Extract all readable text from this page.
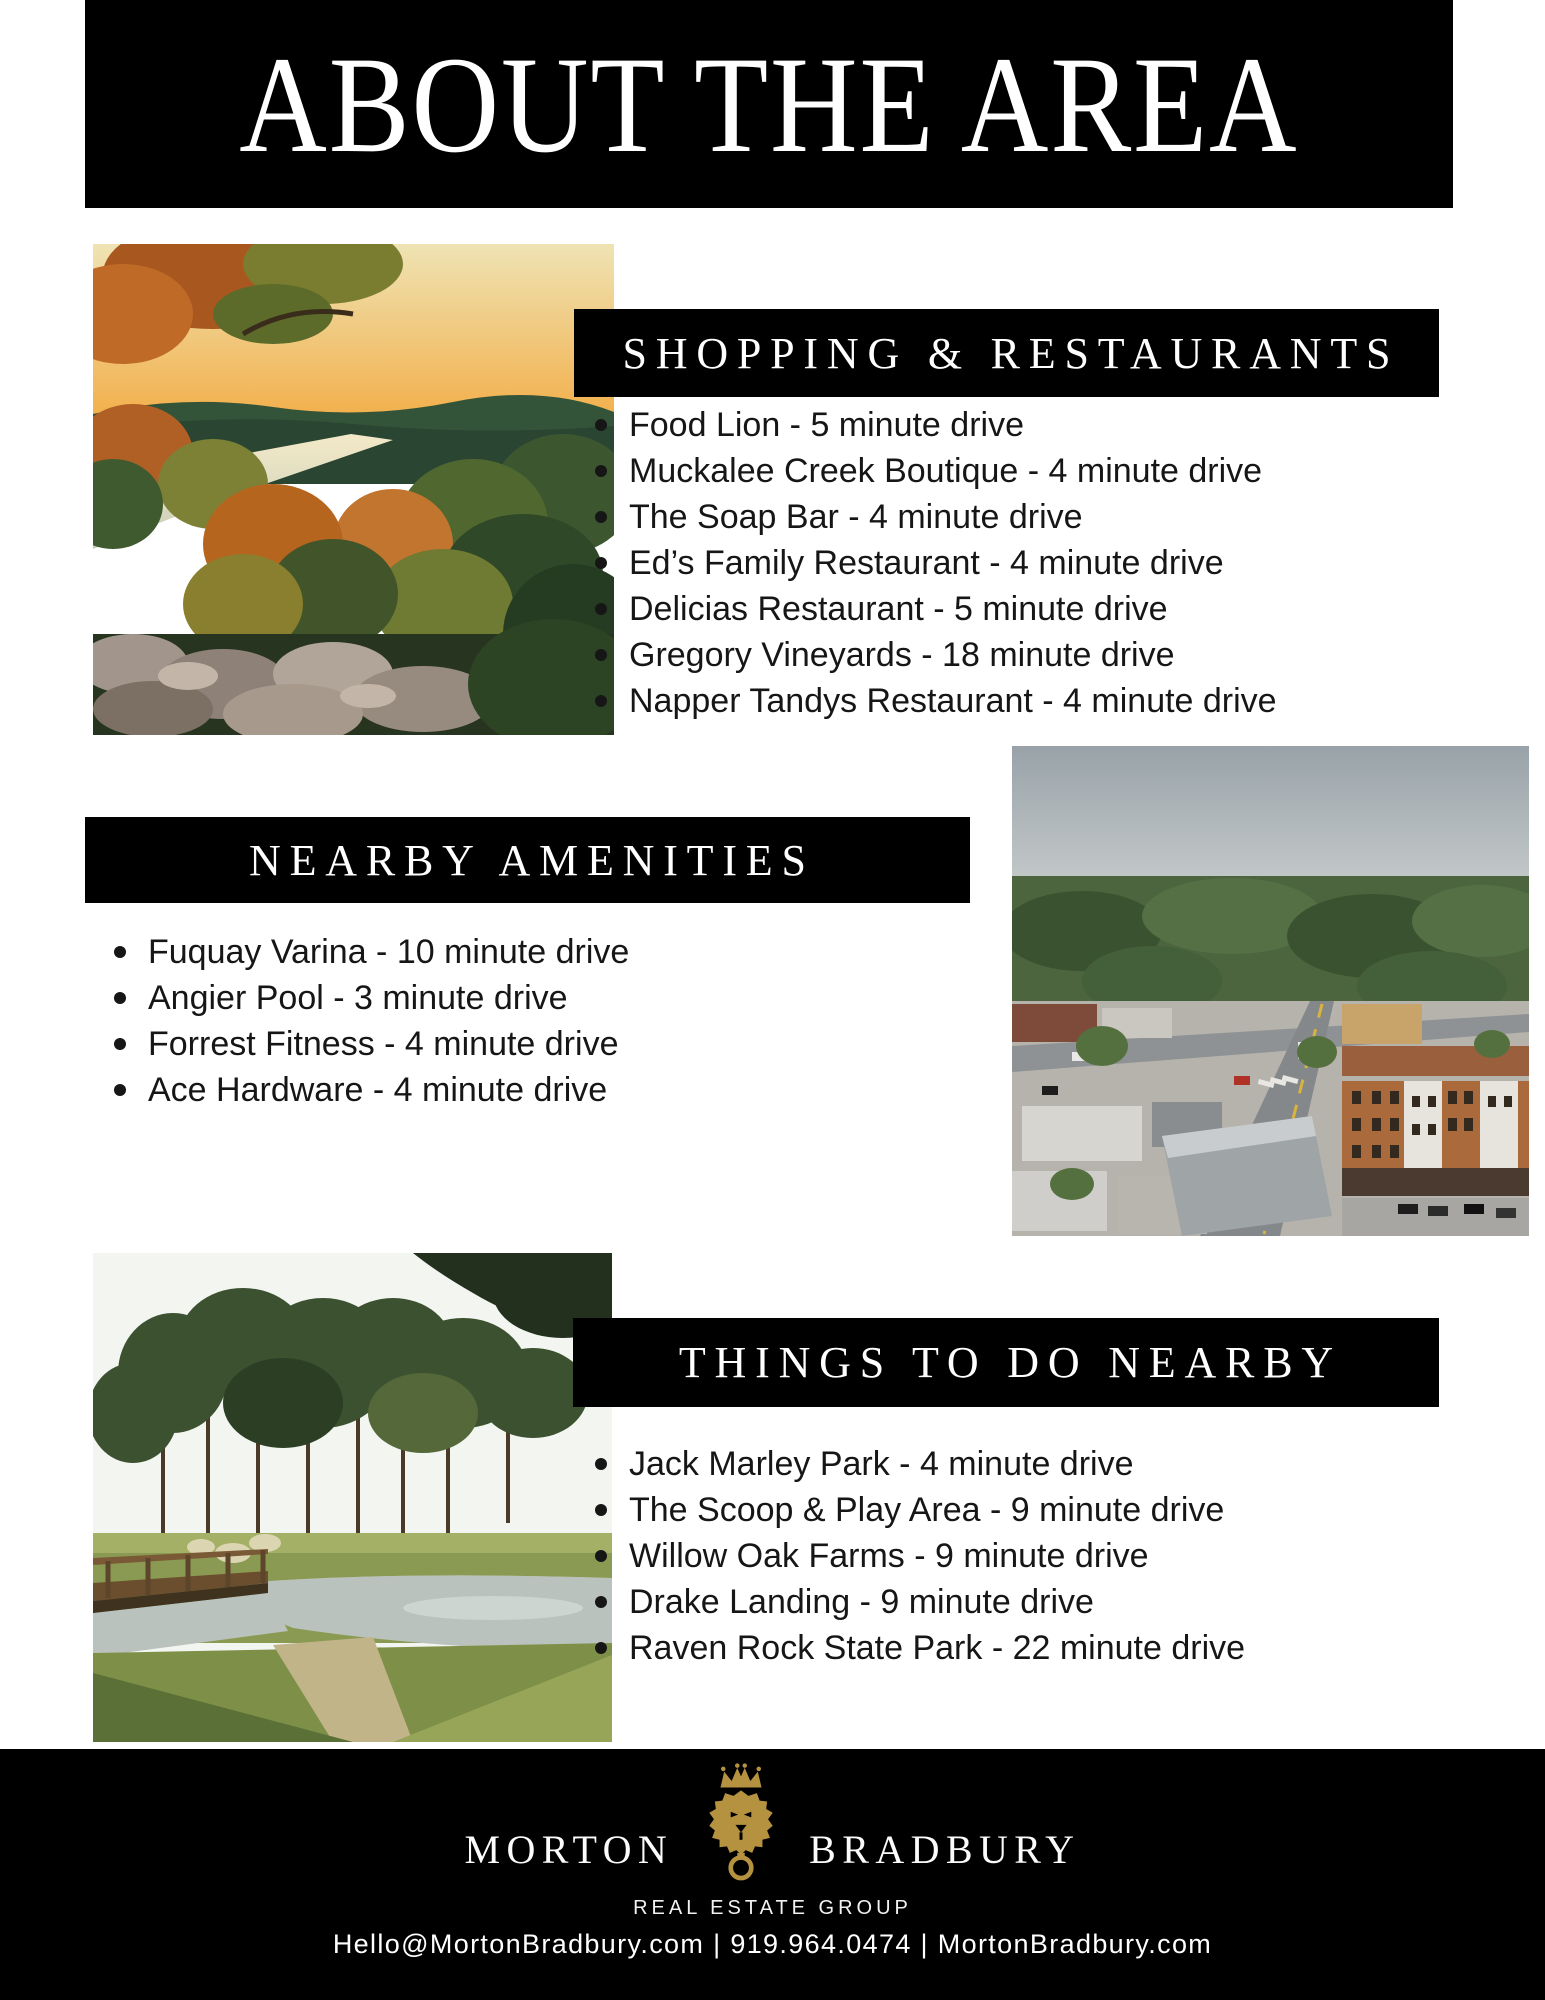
ABOUT THE AREA
SHOPPING & RESTAURANTS
Food Lion - 5 minute drive
Muckalee Creek Boutique - 4 minute drive
The Soap Bar - 4 minute drive
Ed’s Family Restaurant - 4 minute drive
Delicias Restaurant - 5 minute drive
Gregory Vineyards - 18 minute drive
Napper Tandys Restaurant - 4 minute drive
NEARBY AMENITIES
Fuquay Varina - 10 minute drive
Angier Pool - 3 minute drive
Forrest Fitness - 4 minute drive
Ace Hardware - 4 minute drive
THINGS TO DO NEARBY
Jack Marley Park - 4 minute drive
The Scoop & Play Area - 9 minute drive
Willow Oak Farms - 9 minute drive
Drake Landing - 9 minute drive
Raven Rock State Park - 22 minute drive
MORTON	BRADBURY
REAL ESTATE GROUP
Hello@MortonBradbury.com | 919.964.0474 | MortonBradbury.com
